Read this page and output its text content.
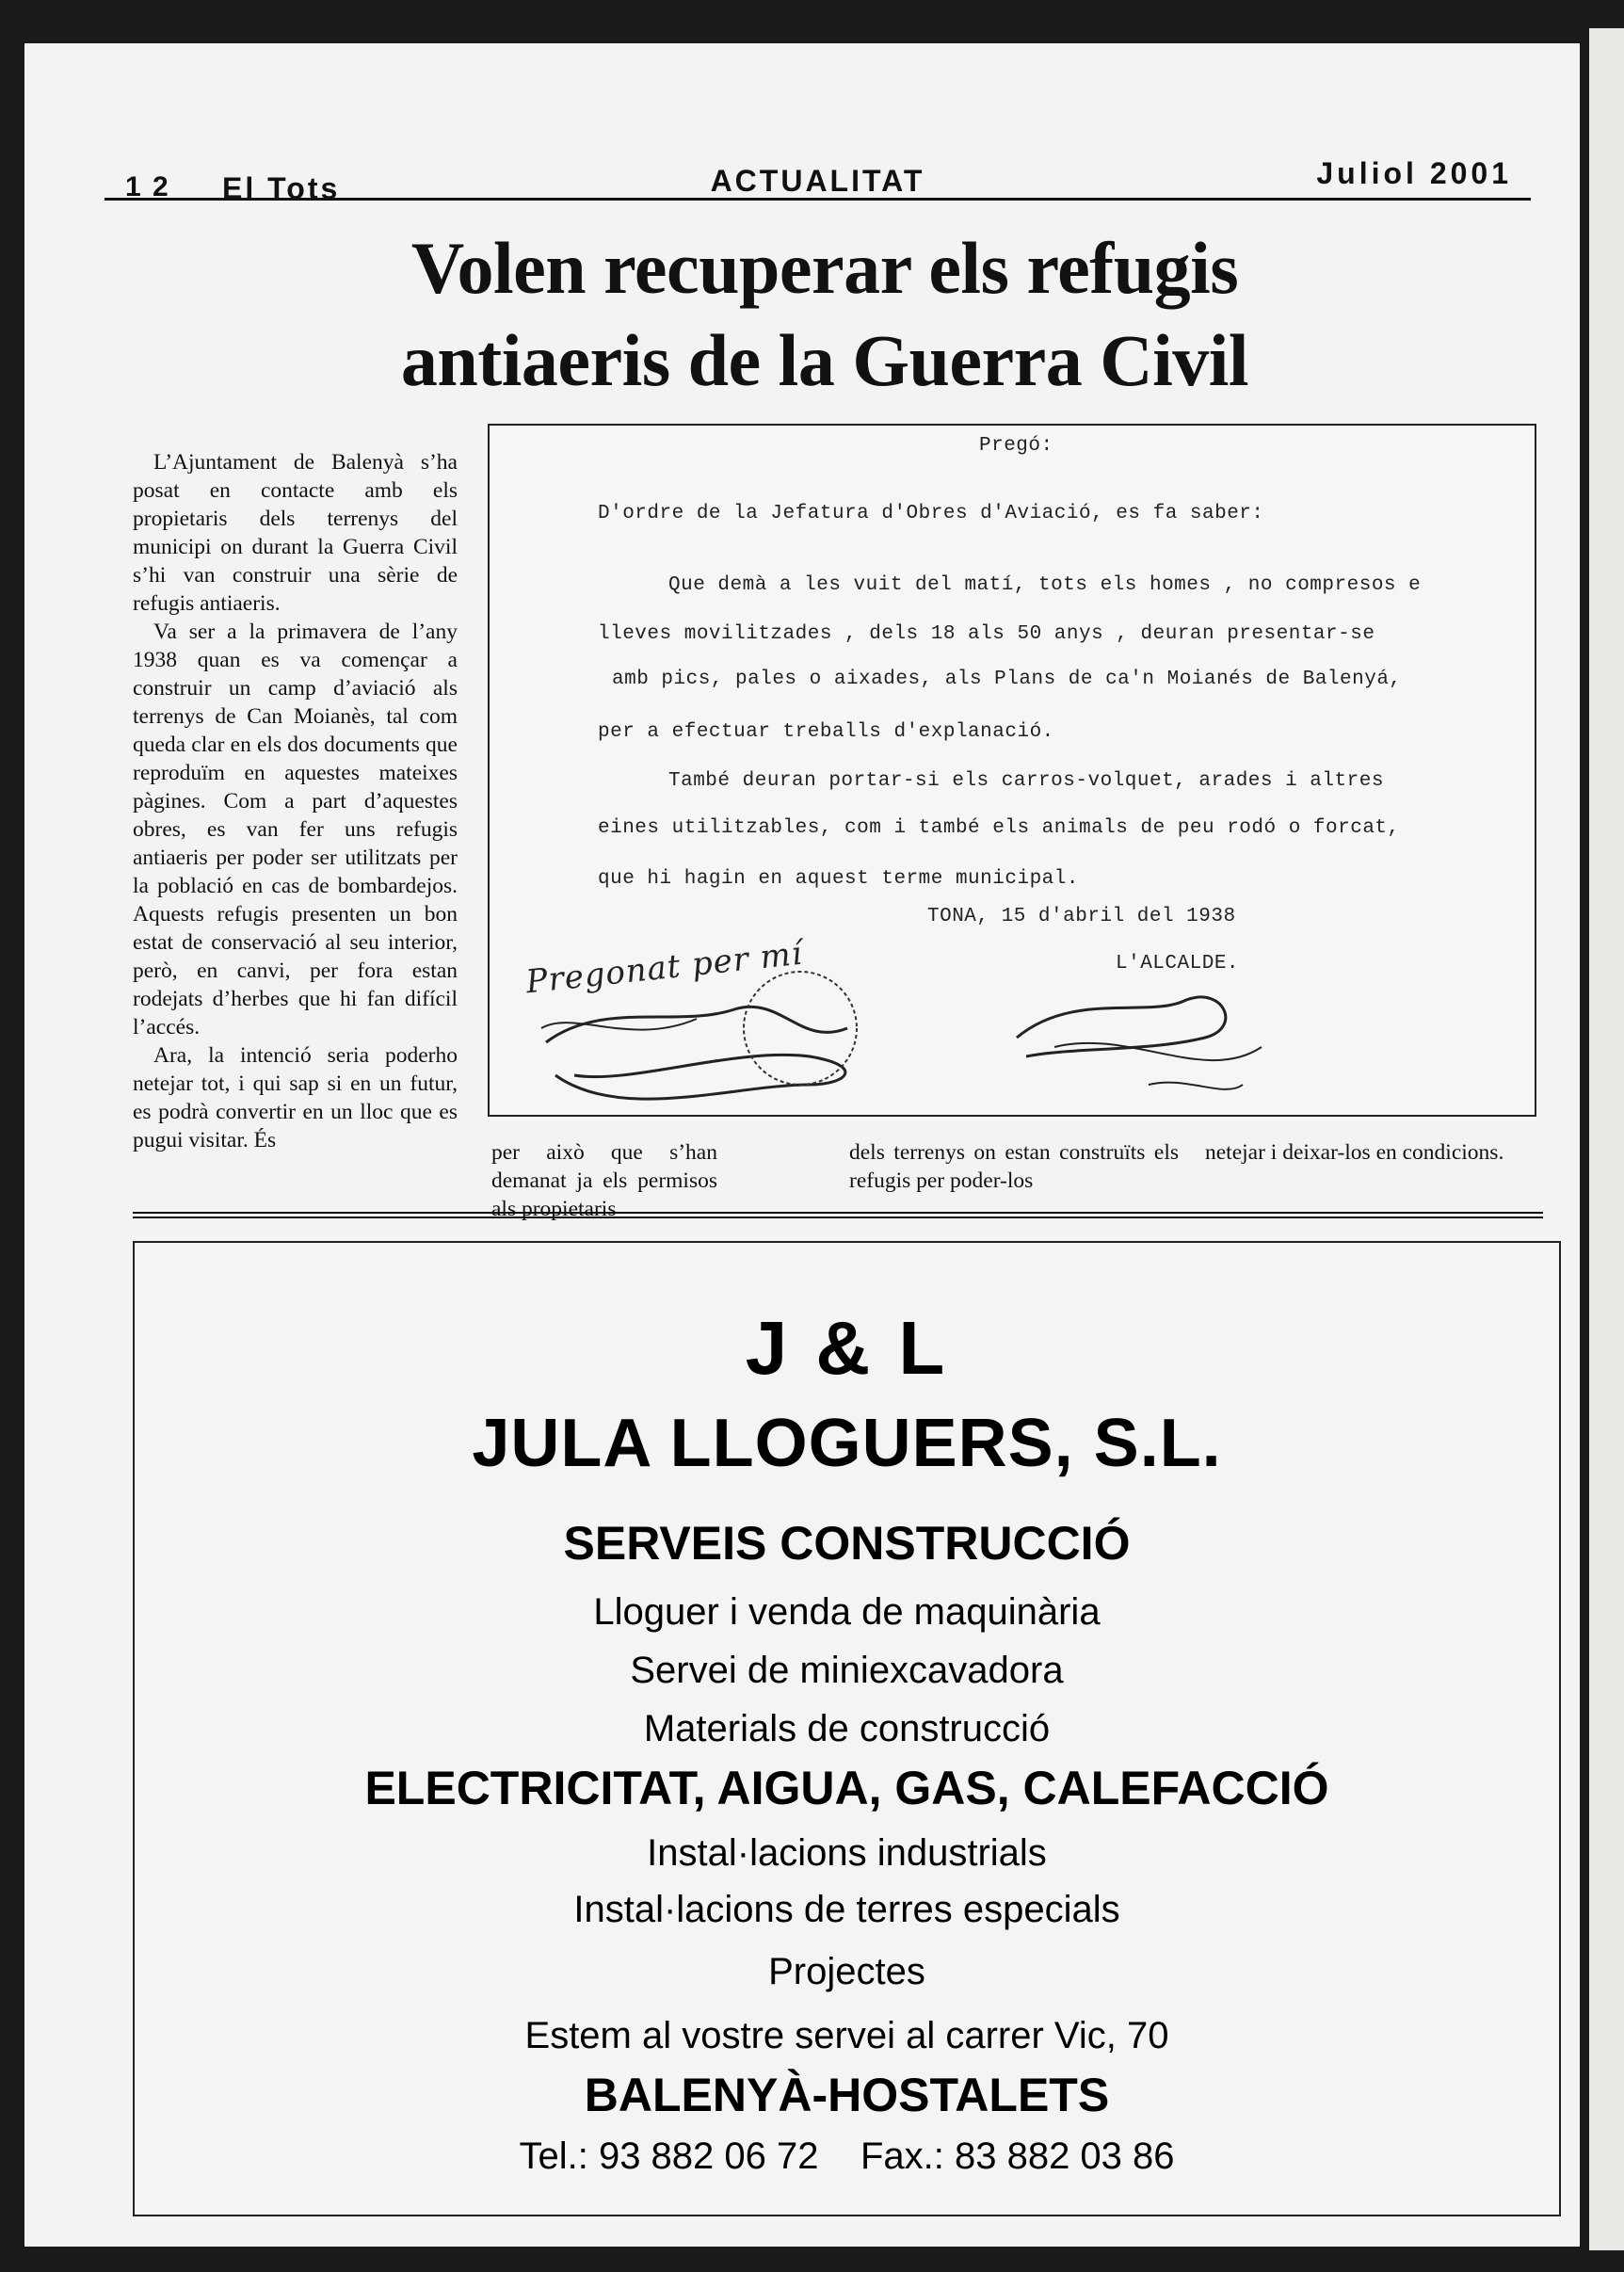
1 2 El Tots	ACTUALITAT	Juliol 2001
Volen recuperar els refugis
antiaeris de la Guerra Civil

L’Ajuntament de Balenyà s’ha posat en contacte amb els propietaris dels terrenys del municipi on durant la Guerra Civil s’hi van construir una sèrie de refugis antiaeris.

Va ser a la primavera de l’any 1938 quan es va començar a construir un camp d’aviació als terrenys de Can Moianès, tal com queda clar en els dos documents que reproduïm en aquestes mateixes pàgines. Com a part d’aquestes obres, es van fer uns refugis antiaeris per poder ser utilitzats per la població en cas de bombardejos. Aquests refugis presenten un bon estat de conservació al seu interior, però, en canvi, per fora estan rodejats d’herbes que hi fan difícil l’accés.

Ara, la intenció seria poderho netejar tot, i qui sap si en un futur, es podrà convertir en un lloc que es pugui visitar. És

Pregó:
D'ordre de la Jefatura d'Obres d'Aviació, es fa saber:
Que demà a les vuit del matí, tots els homes , no compresos e
lleves movilitzades , dels 18 als 50 anys , deuran presentar-se
amb pics, pales o aixades, als Plans de ca'n Moianés de Balenyá,
per a efectuar treballs d'explanació.
També deuran portar-si els carros-volquet, arades i altres
eines utilitzables, com i també els animals de peu rodó o forcat,
que hi hagin en aquest terme municipal.
TONA, 15 d'abril del 1938
L'ALCALDE.
Pregonat per mí

per això que s’han demanat ja els permisos als propietaris

dels terrenys on estan construïts els refugis per poder-los

netejar i deixar-los en condicions.

J & L
JULA LLOGUERS, S.L.
SERVEIS CONSTRUCCIÓ
Lloguer i venda de maquinària
Servei de miniexcavadora
Materials de construcció
ELECTRICITAT, AIGUA, GAS, CALEFACCIÓ
Instal·lacions industrials
Instal·lacions de terres especials
Projectes
Estem al vostre servei al carrer Vic, 70
BALENYÀ-HOSTALETS
Tel.: 93 882 06 72    Fax.: 83 882 03 86
